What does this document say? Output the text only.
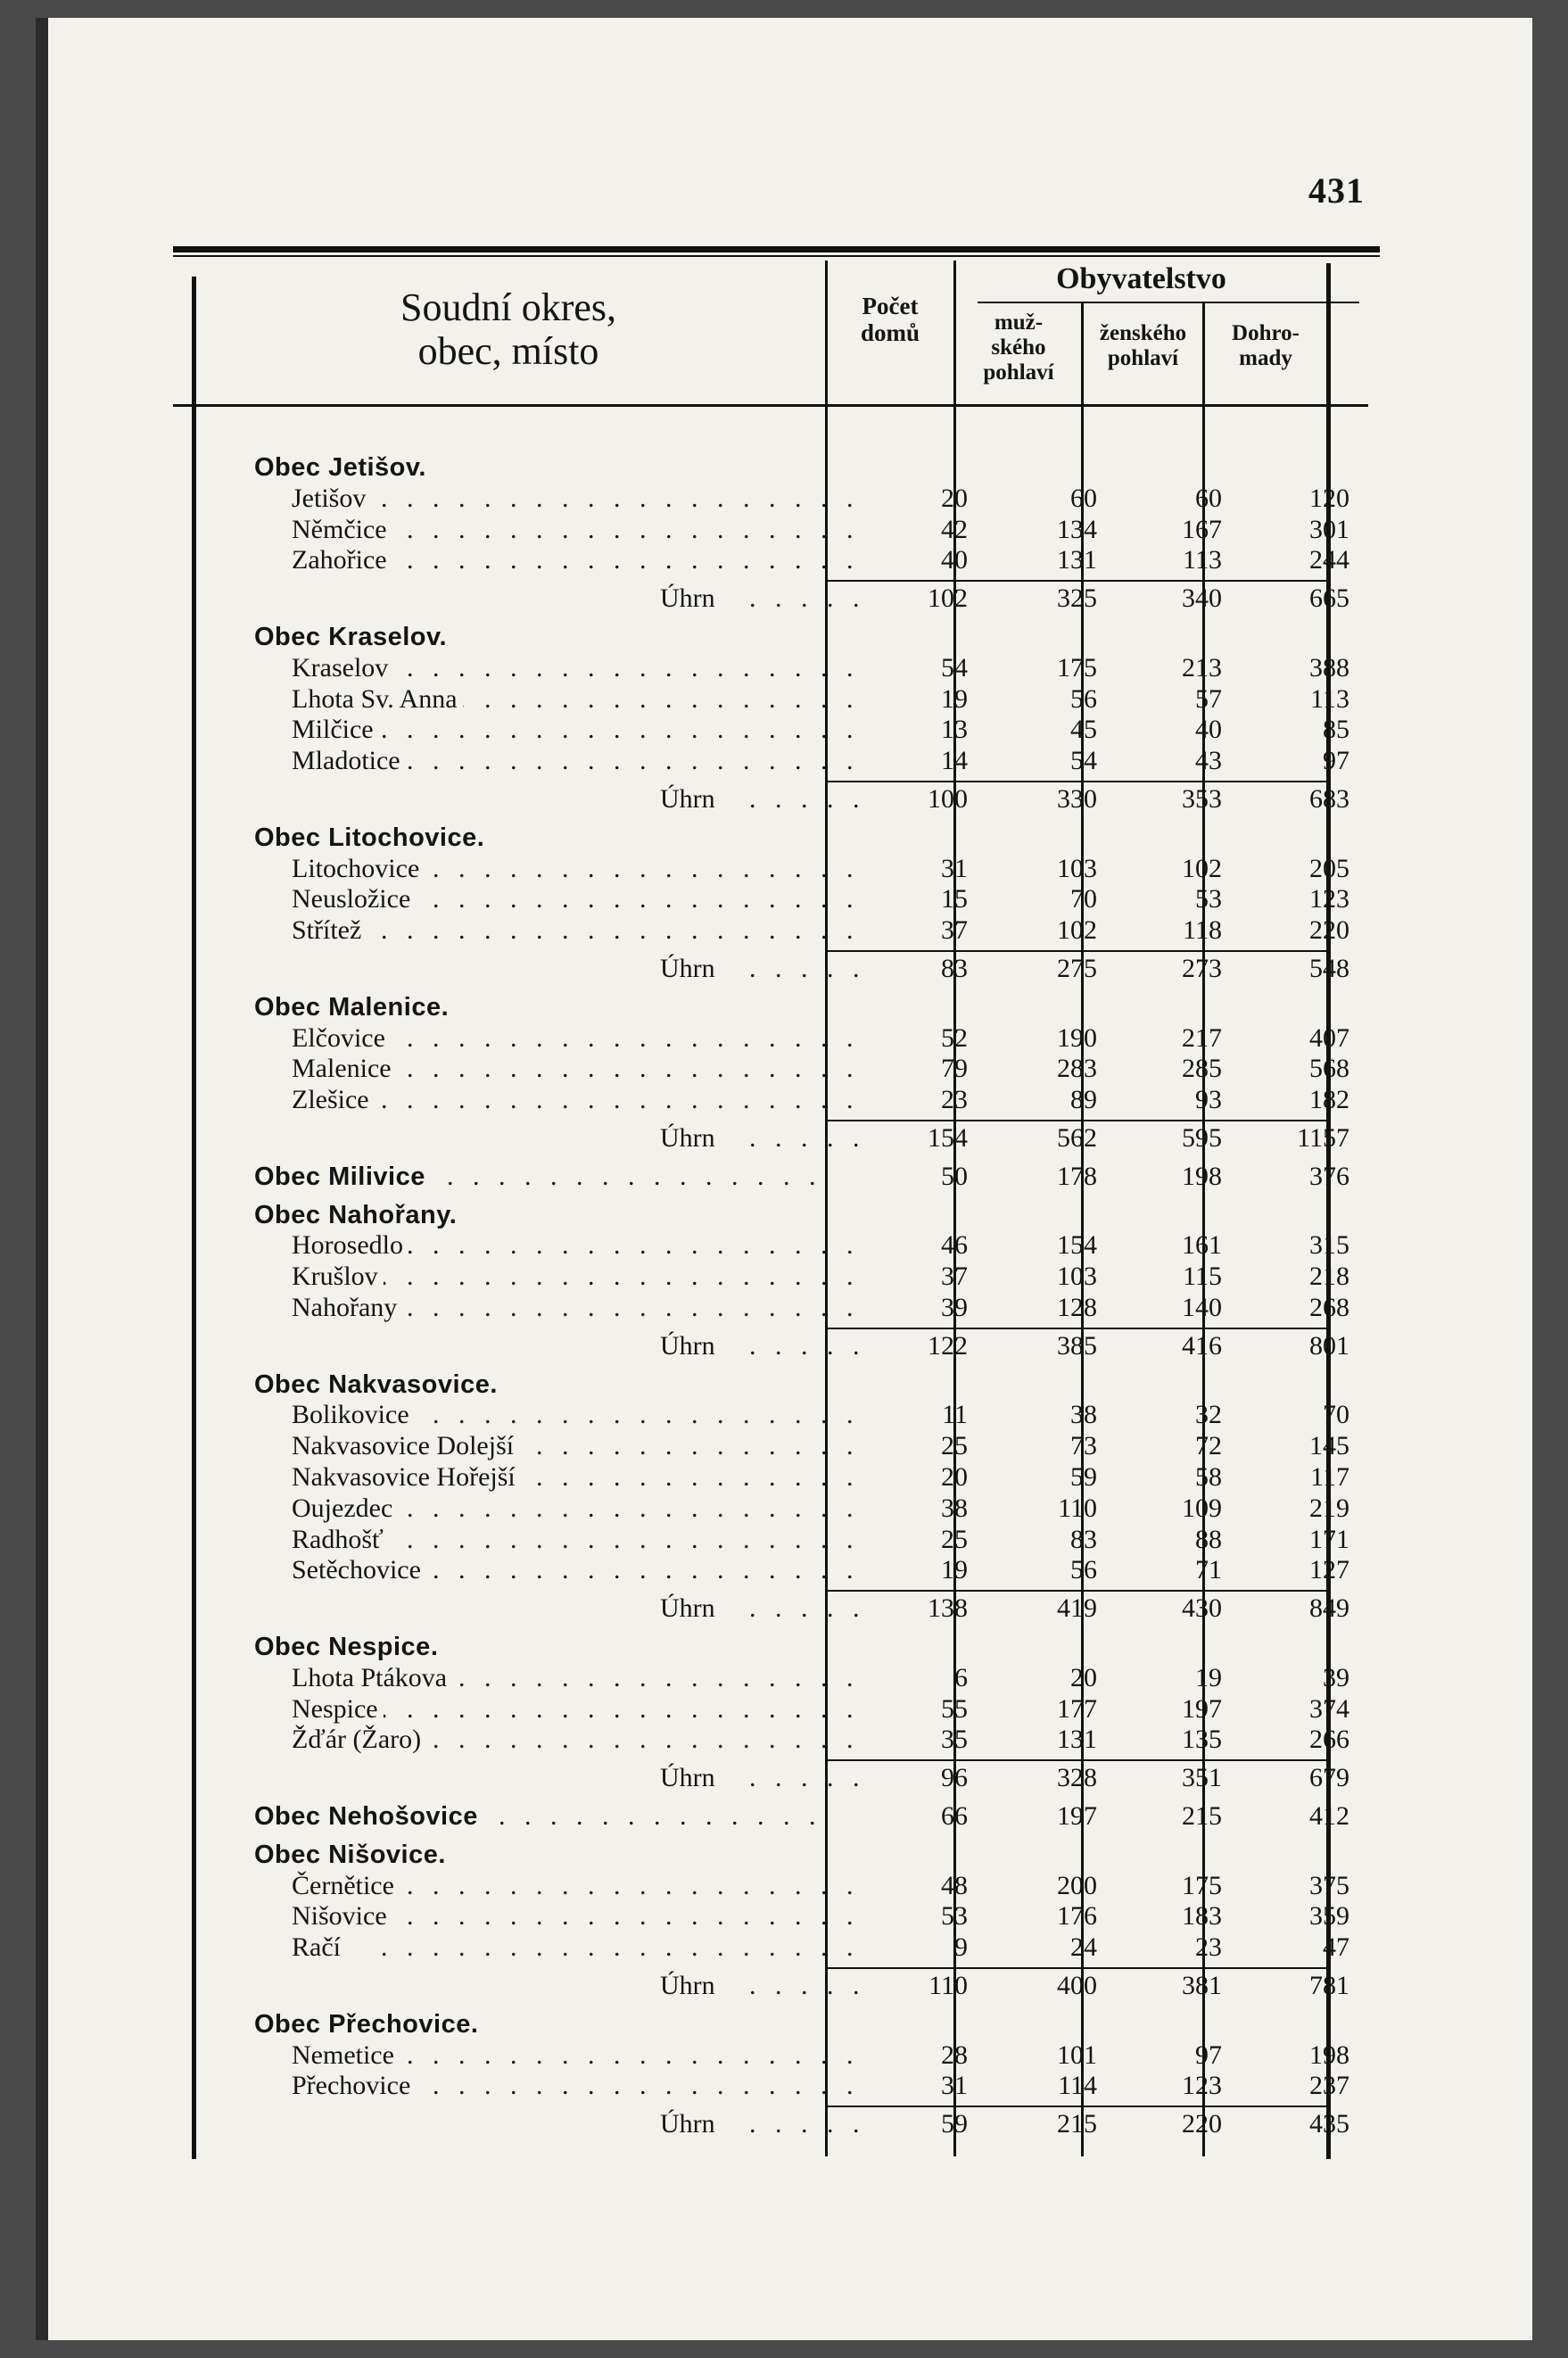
431
Soudní okres,
obec, místo
Počet
domů
Obyvatelstvo
muž-
ského
pohlaví
ženského
pohlaví
Dohro-
mady
Obec Jetišov.
Jetišov . . .	20	60	60	120
Němčice . . .	42	134	167	301
Zahořice . . .	40	131	113	244
Úhrn . . .	102	325	340	665
Obec Kraselov.
Kraselov . . .	54	175	213	388
Lhota Sv. Anna . . .	19	56	57	113
Milčice . . .	13	45	40	85
Mladotice . . .	14	54	43	97
Úhrn . . .	100	330	353	683
Obec Litochovice.
Litochovice . . .	31	103	102	205
Neusložice . . .	15	70	53	123
Střítež . . .	37	102	118	220
Úhrn . . .	83	275	273	548
Obec Malenice.
Elčovice . . .	52	190	217	407
Malenice . . .	79	283	285	568
Zlešice . . .	23	89	93	182
Úhrn . . .	154	562	595	1157
Obec Milivice . . .	50	178	198	376
Obec Nahořany.
Horosedlo . . .	46	154	161	315
Krušlov . . .	37	103	115	218
Nahořany . . .	39	128	140	268
Úhrn . . .	122	385	416	801
Obec Nakvasovice.
Bolikovice . . .	11	38	32	70
Nakvasovice Dolejší . . .	25	73	72	145
Nakvasovice Hořejší . . .	20	59	58	117
Oujezdec . . .	38	110	109	219
Radhošť . . .	25	83	88	171
Setěchovice . . .	19	56	71	127
Úhrn . . .	138	419	430	849
Obec Nespice.
Lhota Ptákova . . .	6	20	19	39
Nespice . . .	55	177	197	374
Žďár (Žaro) . . .	35	131	135	266
Úhrn . . .	96	328	351	679
Obec Nehošovice . . .	66	197	215	412
Obec Nišovice.
Černětice . . .	48	200	175	375
Nišovice . . .	53	176	183	359
Račí . . .	9	24	23	47
Úhrn . . .	110	400	381	781
Obec Přechovice.
Nemetice . . .	28	101	97	198
Přechovice . . .	31	114	123	237
Úhrn . . .	59	215	220	435
